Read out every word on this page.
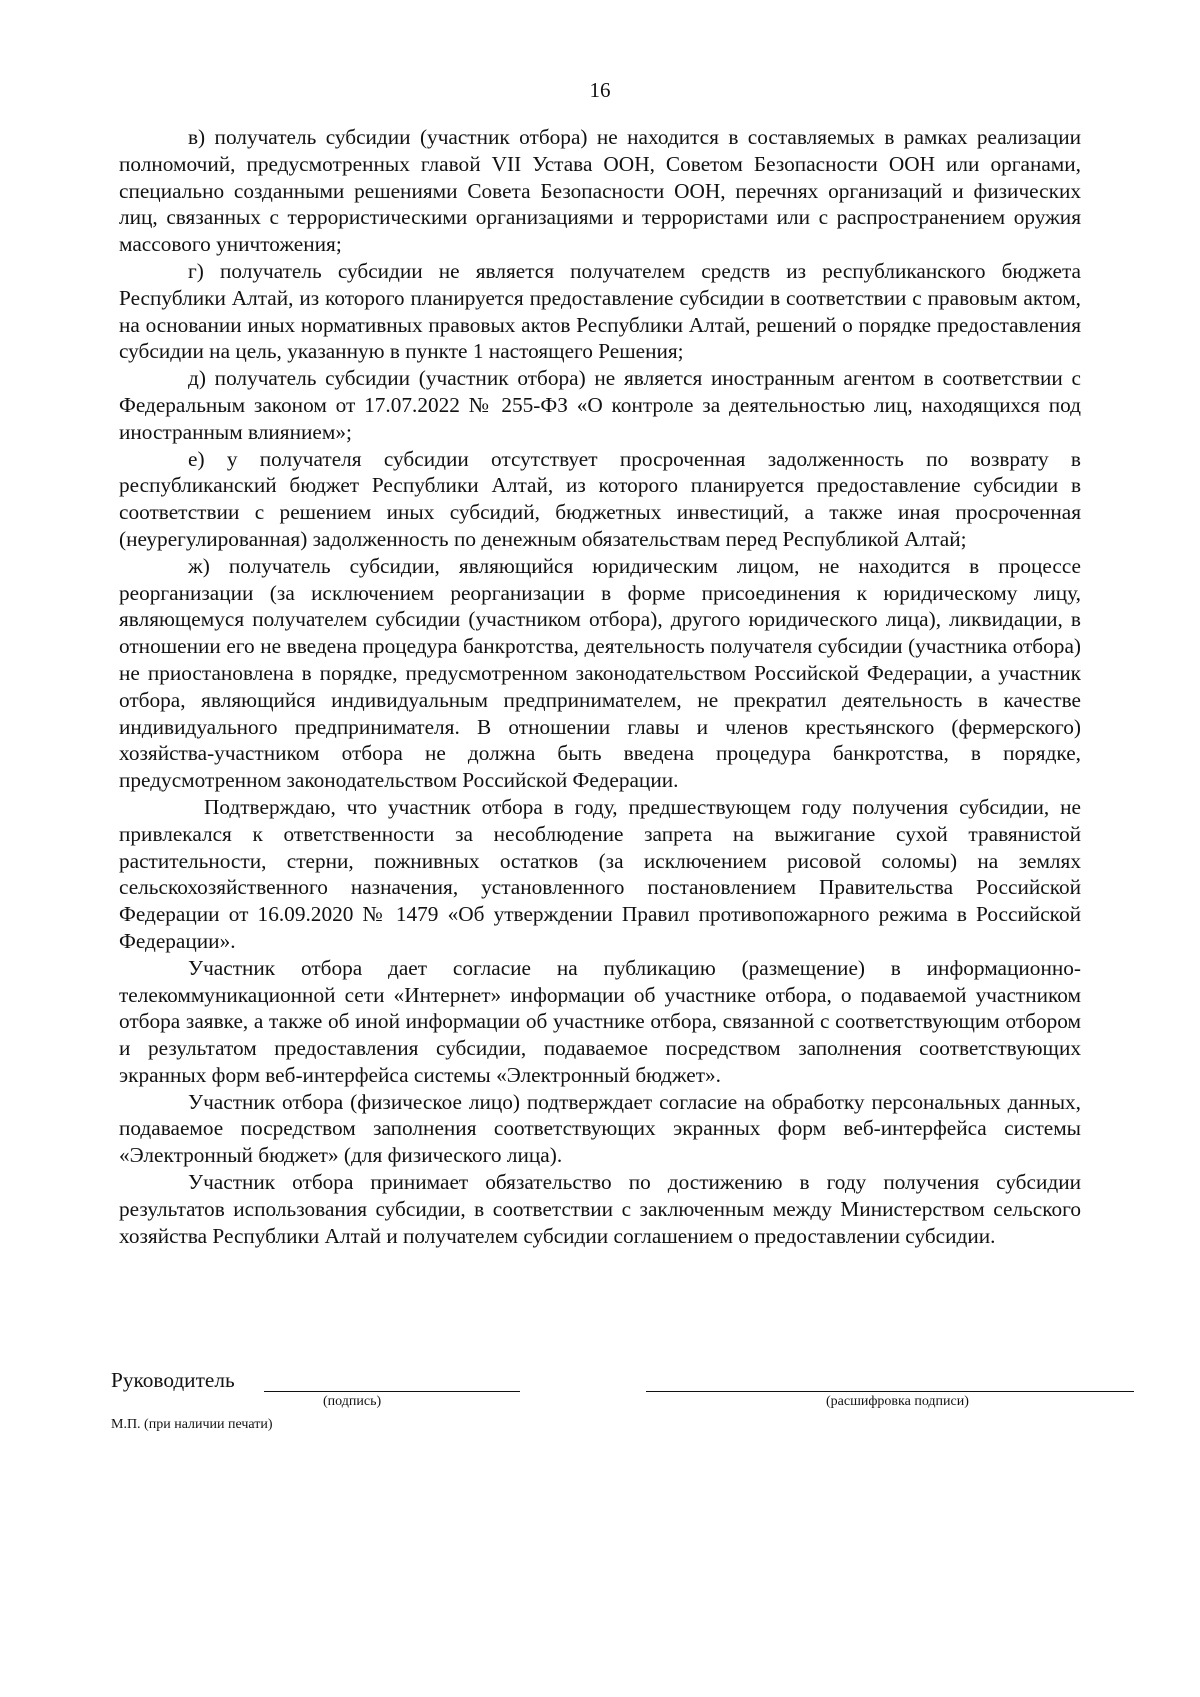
16

в) получатель субсидии (участник отбора) не находится в составляемых в рамках реализации полномочий, предусмотренных главой VII Устава ООН, Советом Безопасности ООН или органами, специально созданными решениями Совета Безопасности ООН, перечнях организаций и физических лиц, связанных с террористическими организациями и террористами или с распространением оружия массового уничтожения;

г) получатель субсидии не является получателем средств из республиканского бюджета Республики Алтай, из которого планируется предоставление субсидии в соответствии с правовым актом, на основании иных нормативных правовых актов Республики Алтай, решений о порядке предоставления субсидии на цель, указанную в пункте 1 настоящего Решения;

д) получатель субсидии (участник отбора) не является иностранным агентом в соответствии с Федеральным законом от 17.07.2022 № 255-ФЗ «О контроле за деятельностью лиц, находящихся под иностранным влиянием»;

е) у получателя субсидии отсутствует просроченная задолженность по возврату в республиканский бюджет Республики Алтай, из которого планируется предоставление субсидии в соответствии с решением иных субсидий, бюджетных инвестиций, а также иная просроченная (неурегулированная) задолженность по денежным обязательствам перед Республикой Алтай;

ж) получатель субсидии, являющийся юридическим лицом, не находится в процессе реорганизации (за исключением реорганизации в форме присоединения к юридическому лицу, являющемуся получателем субсидии (участником отбора), другого юридического лица), ликвидации, в отношении его не введена процедура банкротства, деятельность получателя субсидии (участника отбора) не приостановлена в порядке, предусмотренном законодательством Российской Федерации, а участник отбора, являющийся индивидуальным предпринимателем, не прекратил деятельность в качестве индивидуального предпринимателя. В отношении главы и членов крестьянского (фермерского) хозяйства-участником отбора не должна быть введена процедура банкротства, в порядке, предусмотренном законодательством Российской Федерации.

Подтверждаю, что участник отбора в году, предшествующем году получения субсидии, не привлекался к ответственности за несоблюдение запрета на выжигание сухой травянистой растительности, стерни, пожнивных остатков (за исключением рисовой соломы) на землях сельскохозяйственного назначения, установленного постановлением Правительства Российской Федерации от 16.09.2020 № 1479 «Об утверждении Правил противопожарного режима в Российской Федерации».

Участник отбора дает согласие на публикацию (размещение) в информационно-телекоммуникационной сети «Интернет» информации об участнике отбора, о подаваемой участником отбора заявке, а также об иной информации об участнике отбора, связанной с соответствующим отбором и результатом предоставления субсидии, подаваемое посредством заполнения соответствующих экранных форм веб-интерфейса системы «Электронный бюджет».

Участник отбора (физическое лицо) подтверждает согласие на обработку персональных данных, подаваемое посредством заполнения соответствующих экранных форм веб-интерфейса системы «Электронный бюджет» (для физического лица).

Участник отбора принимает обязательство по достижению в году получения субсидии результатов использования субсидии, в соответствии с заключенным между Министерством сельского хозяйства Республики Алтай и получателем субсидии соглашением о предоставлении субсидии.

Руководитель
(подпись)	(расшифровка подписи)
М.П. (при наличии печати)
